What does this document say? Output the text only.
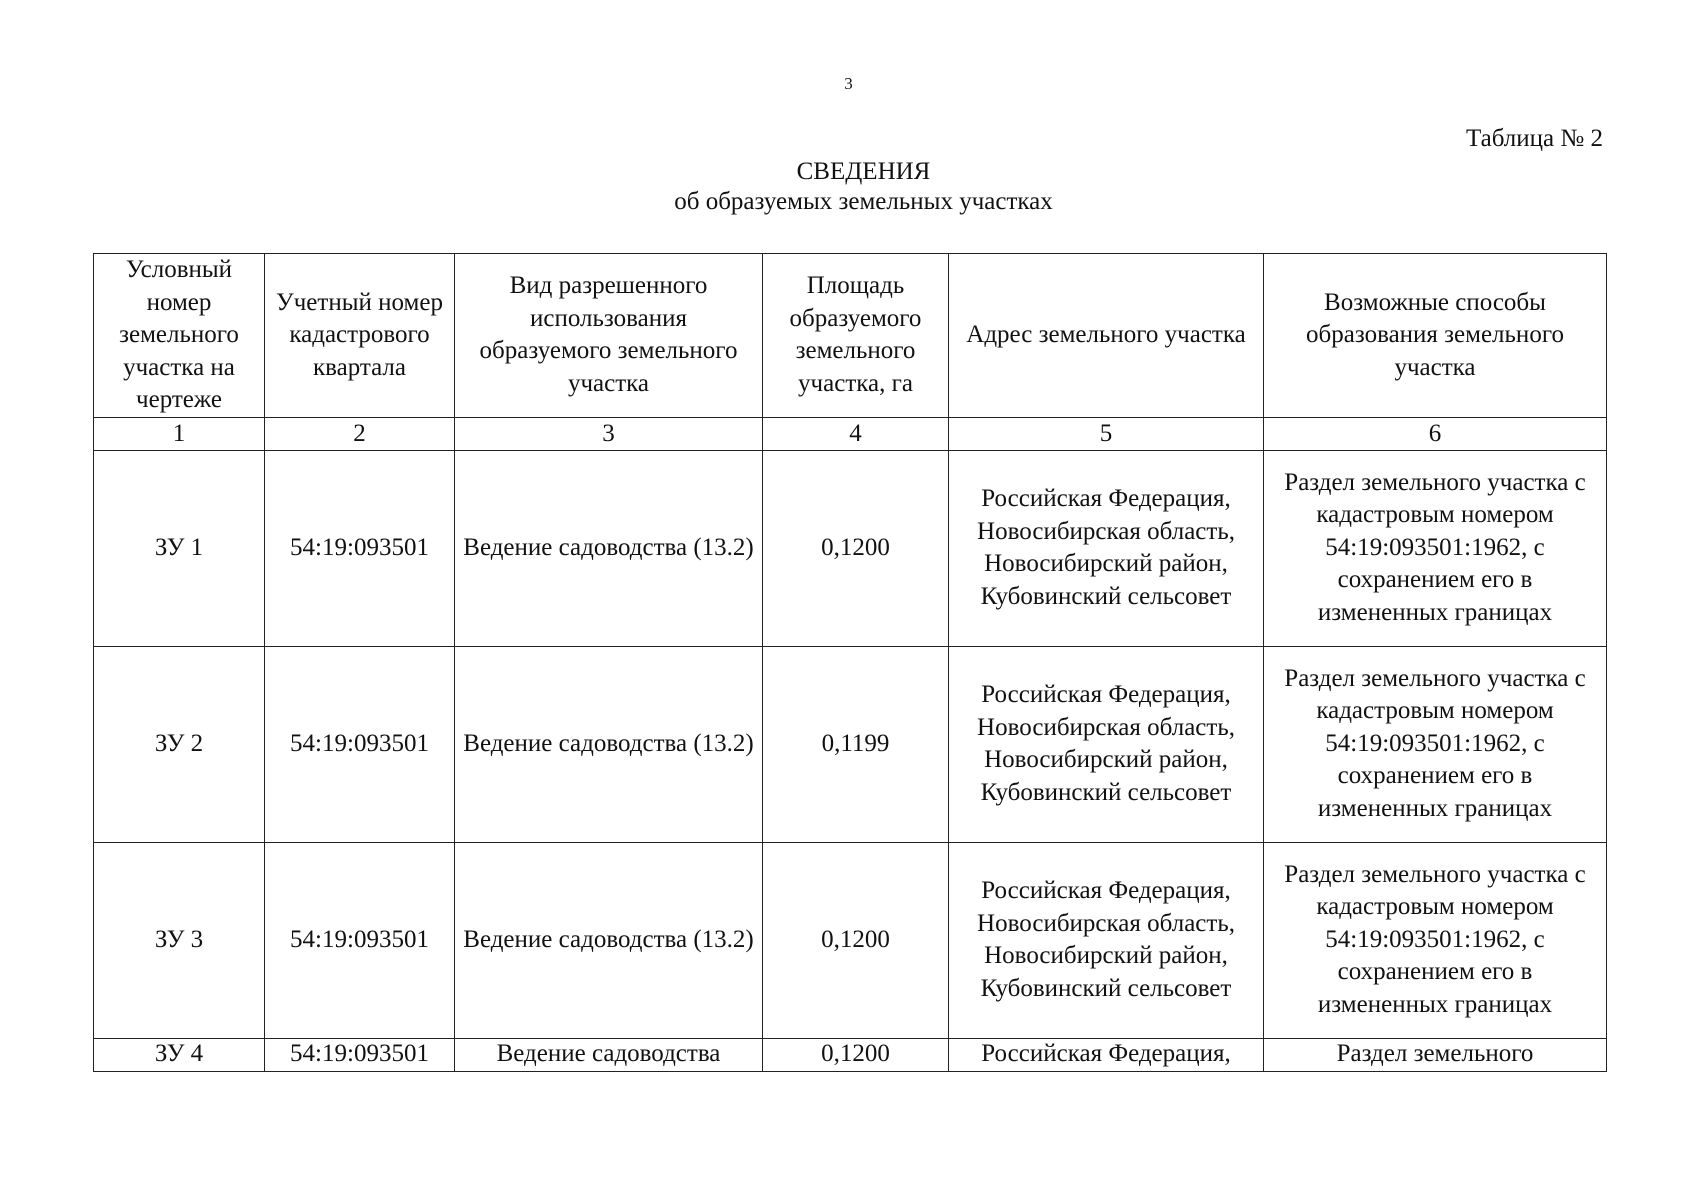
3
Таблица № 2
СВЕДЕНИЯ
об образуемых земельных участках
Условный номер земельного участка на чертеже	Учетный номер кадастрового квартала	Вид разрешенного использования образуемого земельного участка	Площадь образуемого земельного участка, га	Адрес земельного участка	Возможные способы образования земельного участка
1	2	3	4	5	6
ЗУ 1	54:19:093501	Ведение садоводства (13.2)	0,1200	Российская Федерация, Новосибирская область, Новосибирский район, Кубовинский сельсовет	Раздел земельного участка с кадастровым номером 54:19:093501:1962, с сохранением его в измененных границах
ЗУ 2	54:19:093501	Ведение садоводства (13.2)	0,1199	Российская Федерация, Новосибирская область, Новосибирский район, Кубовинский сельсовет	Раздел земельного участка с кадастровым номером 54:19:093501:1962, с сохранением его в измененных границах
ЗУ 3	54:19:093501	Ведение садоводства (13.2)	0,1200	Российская Федерация, Новосибирская область, Новосибирский район, Кубовинский сельсовет	Раздел земельного участка с кадастровым номером 54:19:093501:1962, с сохранением его в измененных границах
ЗУ 4	54:19:093501	Ведение садоводства	0,1200	Российская Федерация,	Раздел земельного
